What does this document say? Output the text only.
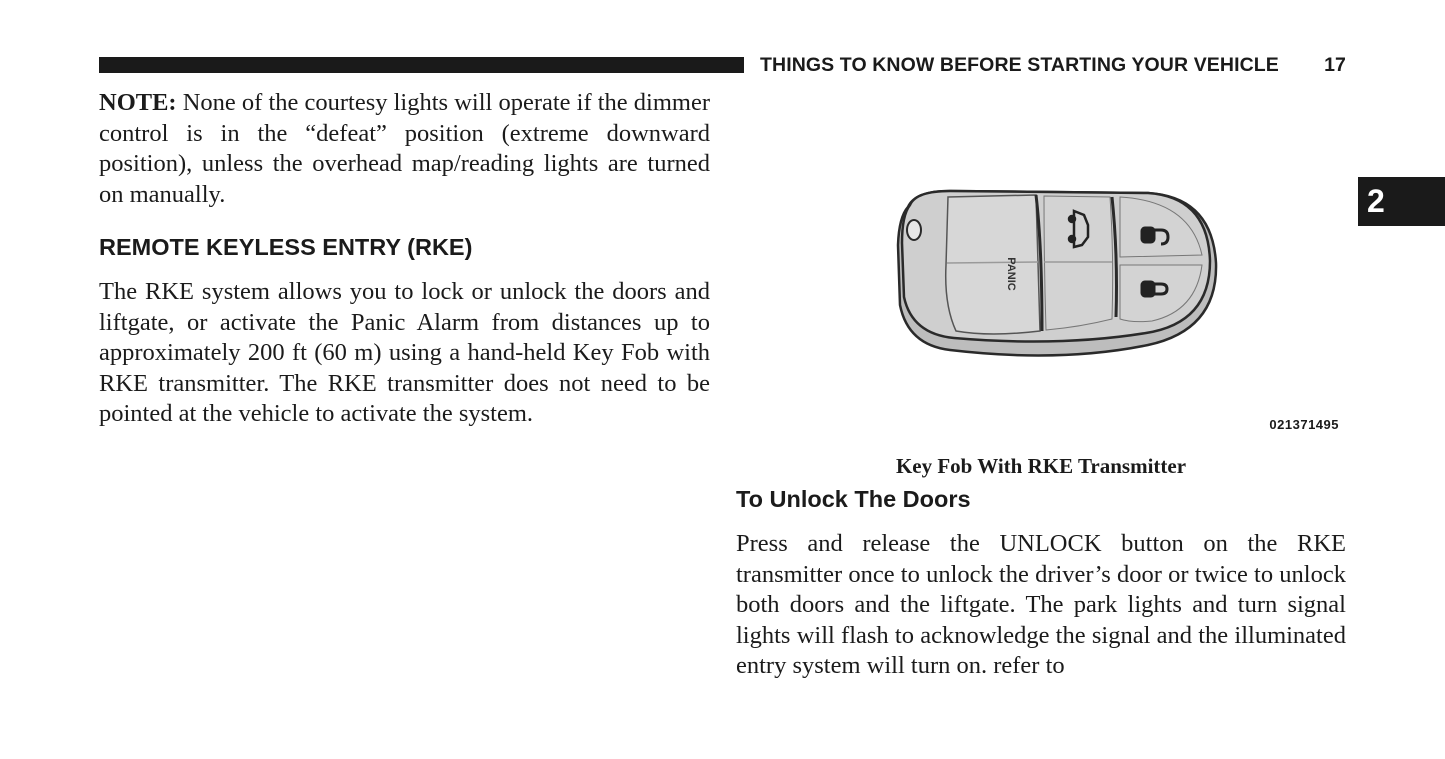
THINGS TO KNOW BEFORE STARTING YOUR VEHICLE 17
2

NOTE: None of the courtesy lights will operate if the dimmer control is in the “defeat” position (extreme downward position), unless the overhead map/reading lights are turned on manually.

REMOTE KEYLESS ENTRY (RKE)

The RKE system allows you to lock or unlock the doors and liftgate, or activate the Panic Alarm from distances up to approximately 200 ft (60 m) using a hand-held Key Fob with RKE transmitter. The RKE transmitter does not need to be pointed at the vehicle to activate the system.

PANIC
021371495
Key Fob With RKE Transmitter
To Unlock The Doors

Press and release the UNLOCK button on the RKE transmitter once to unlock the driver’s door or twice to unlock both doors and the liftgate. The park lights and turn signal lights will flash to acknowledge the signal and the illuminated entry system will turn on. refer to
